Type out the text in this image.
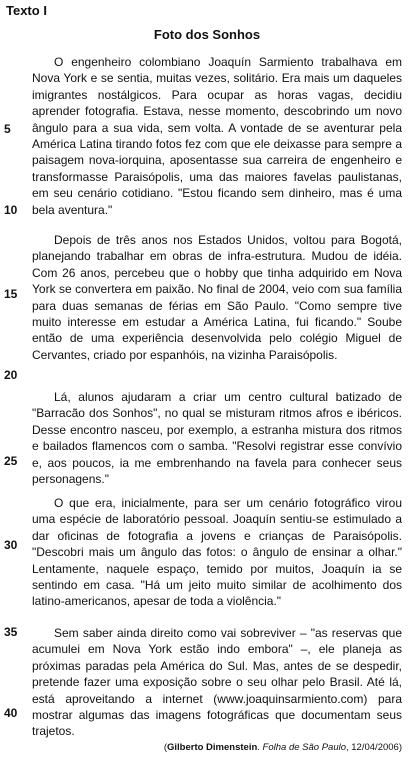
Texto I
Foto dos Sonhos

O engenheiro colombiano Joaquín Sarmiento trabalhava em Nova York e se sentia, muitas vezes, solitário. Era mais um daqueles imigrantes nostálgicos. Para ocupar as horas vagas, decidiu aprender fotografia. Estava, nesse momento, descobrindo um novo ângulo para a sua vida, sem volta. A vontade de se aventurar pela América Latina tirando fotos fez com que ele deixasse para sempre a paisagem nova-iorquina, aposentasse sua carreira de engenheiro e transformasse Paraisópolis, uma das maiores favelas paulistanas, em seu cenário cotidiano. "Estou ficando sem dinheiro, mas é uma bela aventura."

Depois de três anos nos Estados Unidos, voltou para Bogotá, planejando trabalhar em obras de infra-estrutura. Mudou de idéia. Com 26 anos, percebeu que o hobby que tinha adquirido em Nova York se convertera em paixão. No final de 2004, veio com sua família para duas semanas de férias em São Paulo. "Como sempre tive muito interesse em estudar a América Latina, fui ficando." Soube então de uma experiência desenvolvida pelo colégio Miguel de Cervantes, criado por espanhóis, na vizinha Paraisópolis.

Lá, alunos ajudaram a criar um centro cultural batizado de "Barracão dos Sonhos", no qual se misturam ritmos afros e ibéricos. Desse encontro nasceu, por exemplo, a estranha mistura dos ritmos e bailados flamencos com o samba. "Resolvi registrar esse convívio e, aos poucos, ia me embrenhando na favela para conhecer seus personagens."

O que era, inicialmente, para ser um cenário fotográfico virou uma espécie de laboratório pessoal. Joaquín sentiu-se estimulado a dar oficinas de fotografia a jovens e crianças de Paraisópolis. "Descobri mais um ângulo das fotos: o ângulo de ensinar a olhar." Lentamente, naquele espaço, temido por muitos, Joaquín ia se sentindo em casa. "Há um jeito muito similar de acolhimento dos latino-americanos, apesar de toda a violência."

Sem saber ainda direito como vai sobreviver – "as reservas que acumulei em Nova York estão indo embora" –, ele planeja as próximas paradas pela América do Sul. Mas, antes de se despedir, pretende fazer uma exposição sobre o seu olhar pelo Brasil. Até lá, está aproveitando a internet (www.joaquinsarmiento.com) para mostrar algumas das imagens fotográficas que documentam seus trajetos.

5
10
15
20
25
30
35
40
(Gilberto Dimenstein. Folha de São Paulo, 12/04/2006)
